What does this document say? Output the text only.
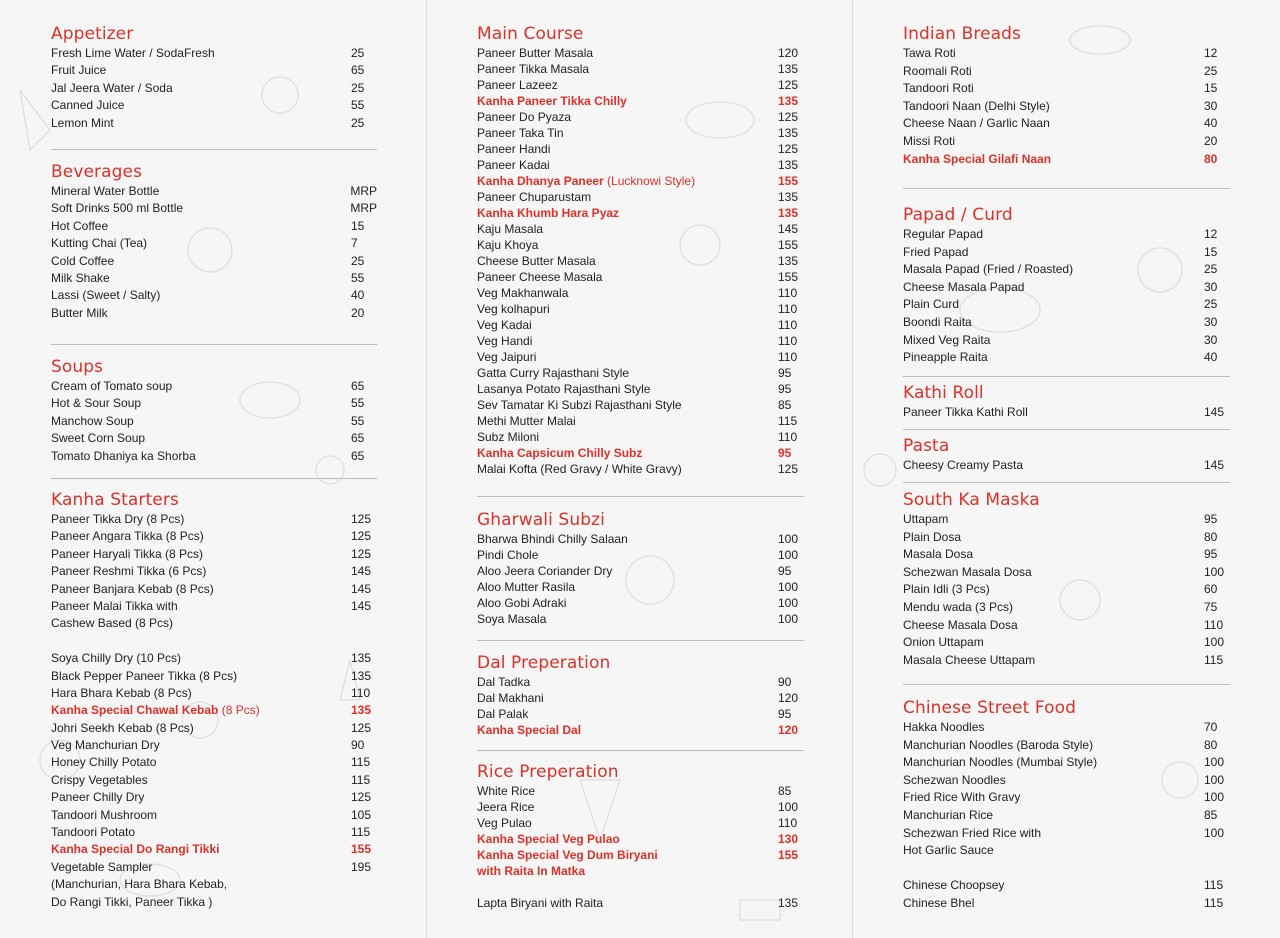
Appetizer
Fresh Lime Water / SodaFresh	25
Fruit Juice	65
Jal Jeera Water / Soda	25
Canned Juice	55
Lemon Mint	25
Beverages
Mineral Water Bottle	MRP
Soft Drinks 500 ml Bottle	MRP
Hot Coffee	15
Kutting Chai (Tea)	7
Cold Coffee	25
Milk Shake	55
Lassi (Sweet / Salty)	40
Butter Milk	20
Soups
Cream of Tomato soup	65
Hot & Sour Soup	55
Manchow Soup	55
Sweet Corn Soup	65
Tomato Dhaniya ka Shorba	65
Kanha Starters
Paneer Tikka Dry (8 Pcs)	125
Paneer Angara Tikka (8 Pcs)	125
Paneer Haryali Tikka (8 Pcs)	125
Paneer Reshmi Tikka (6 Pcs)	145
Paneer Banjara Kebab (8 Pcs)	145
Paneer Malai Tikka with	145
Cashew Based (8 Pcs)
Soya Chilly Dry (10 Pcs)	135
Black Pepper Paneer Tikka (8 Pcs)	135
Hara Bhara Kebab (8 Pcs)	110
Kanha Special Chawal Kebab (8 Pcs)	135
Johri Seekh Kebab (8 Pcs)	125
Veg Manchurian Dry	90
Honey Chilly Potato	115
Crispy Vegetables	115
Paneer Chilly Dry	125
Tandoori Mushroom	105
Tandoori Potato	115
Kanha Special Do Rangi Tikki	155
Vegetable Sampler	195
(Manchurian, Hara Bhara Kebab,
Do Rangi Tikki, Paneer Tikka )
Main Course
Paneer Butter Masala	120
Paneer Tikka Masala	135
Paneer Lazeez	125
Kanha Paneer Tikka Chilly	135
Paneer Do Pyaza	125
Paneer Taka Tin	135
Paneer Handi	125
Paneer Kadai	135
Kanha Dhanya Paneer (Lucknowi Style)	155
Paneer Chuparustam	135
Kanha Khumb Hara Pyaz	135
Kaju Masala	145
Kaju Khoya	155
Cheese Butter Masala	135
Paneer Cheese Masala	155
Veg Makhanwala	110
Veg kolhapuri	110
Veg Kadai	110
Veg Handi	110
Veg Jaipuri	110
Gatta Curry Rajasthani Style	95
Lasanya Potato Rajasthani Style	95
Sev Tamatar Ki Subzi Rajasthani Style	85
Methi Mutter Malai	115
Subz Miloni	110
Kanha Capsicum Chilly Subz	95
Malai Kofta (Red Gravy / White Gravy)	125
Gharwali Subzi
Bharwa Bhindi Chilly Salaan	100
Pindi Chole	100
Aloo Jeera Coriander Dry	95
Aloo Mutter Rasila	100
Aloo Gobi Adraki	100
Soya Masala	100
Dal Preperation
Dal Tadka	90
Dal Makhani	120
Dal Palak	95
Kanha Special Dal	120
Rice Preperation
White Rice	85
Jeera Rice	100
Veg Pulao	110
Kanha Special Veg Pulao	130
Kanha Special Veg Dum Biryani	155
with Raita In Matka
Lapta Biryani with Raita	135
Indian Breads
Tawa Roti	12
Roomali Roti	25
Tandoori Roti	15
Tandoori Naan (Delhi Style)	30
Cheese Naan / Garlic Naan	40
Missi Roti	20
Kanha Special Gilafi Naan	80
Papad / Curd
Regular Papad	12
Fried Papad	15
Masala Papad (Fried / Roasted)	25
Cheese Masala Papad	30
Plain Curd	25
Boondi Raita	30
Mixed Veg Raita	30
Pineapple Raita	40
Kathi Roll
Paneer Tikka Kathi Roll	145
Pasta
Cheesy Creamy Pasta	145
South Ka Maska
Uttapam	95
Plain Dosa	80
Masala Dosa	95
Schezwan Masala Dosa	100
Plain Idli (3 Pcs)	60
Mendu wada (3 Pcs)	75
Cheese Masala Dosa	110
Onion Uttapam	100
Masala Cheese Uttapam	115
Chinese Street Food
Hakka Noodles	70
Manchurian Noodles (Baroda Style)	80
Manchurian Noodles (Mumbai Style)	100
Schezwan Noodles	100
Fried Rice With Gravy	100
Manchurian Rice	85
Schezwan Fried Rice with	100
Hot Garlic Sauce
Chinese Choopsey	115
Chinese Bhel	115
